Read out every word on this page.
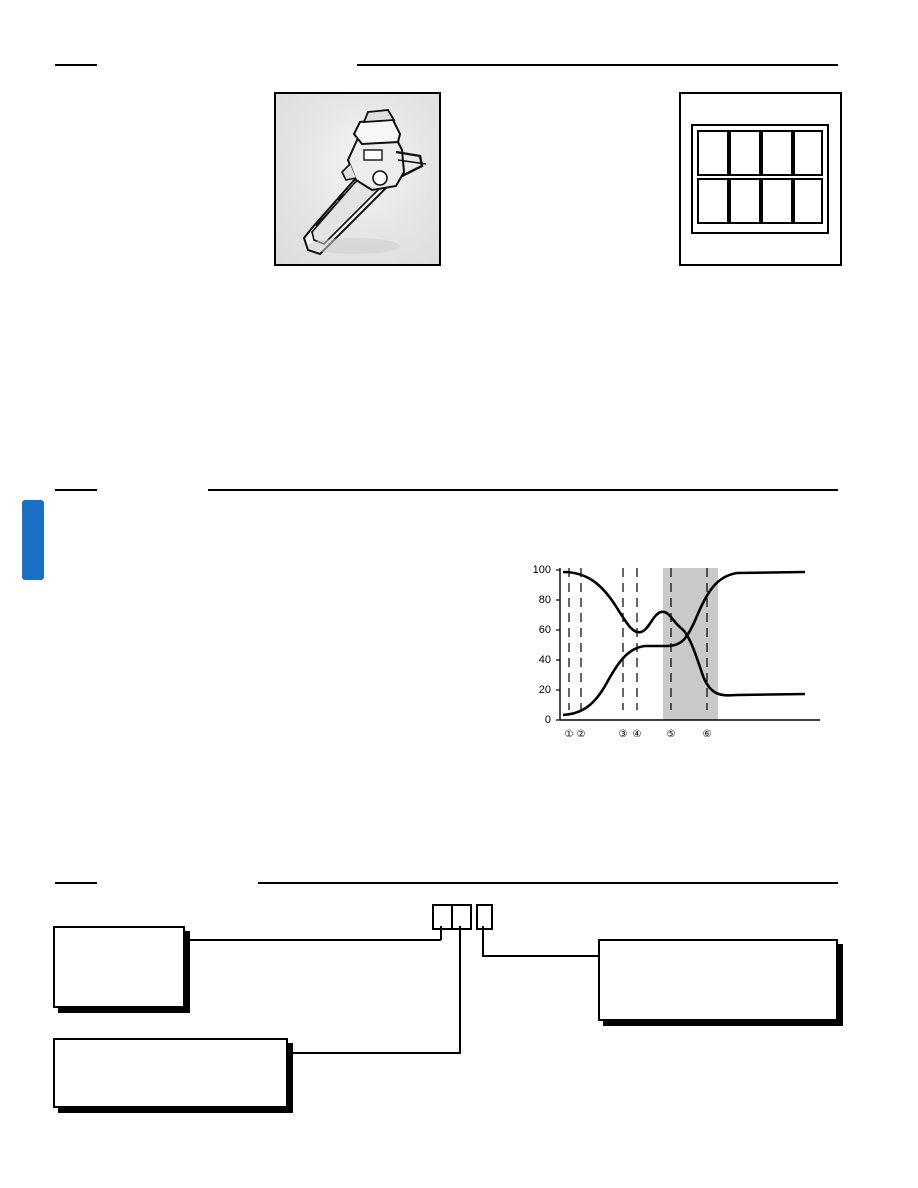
100
80
60
40
20
0
① ②	③ ④	⑤	⑥
